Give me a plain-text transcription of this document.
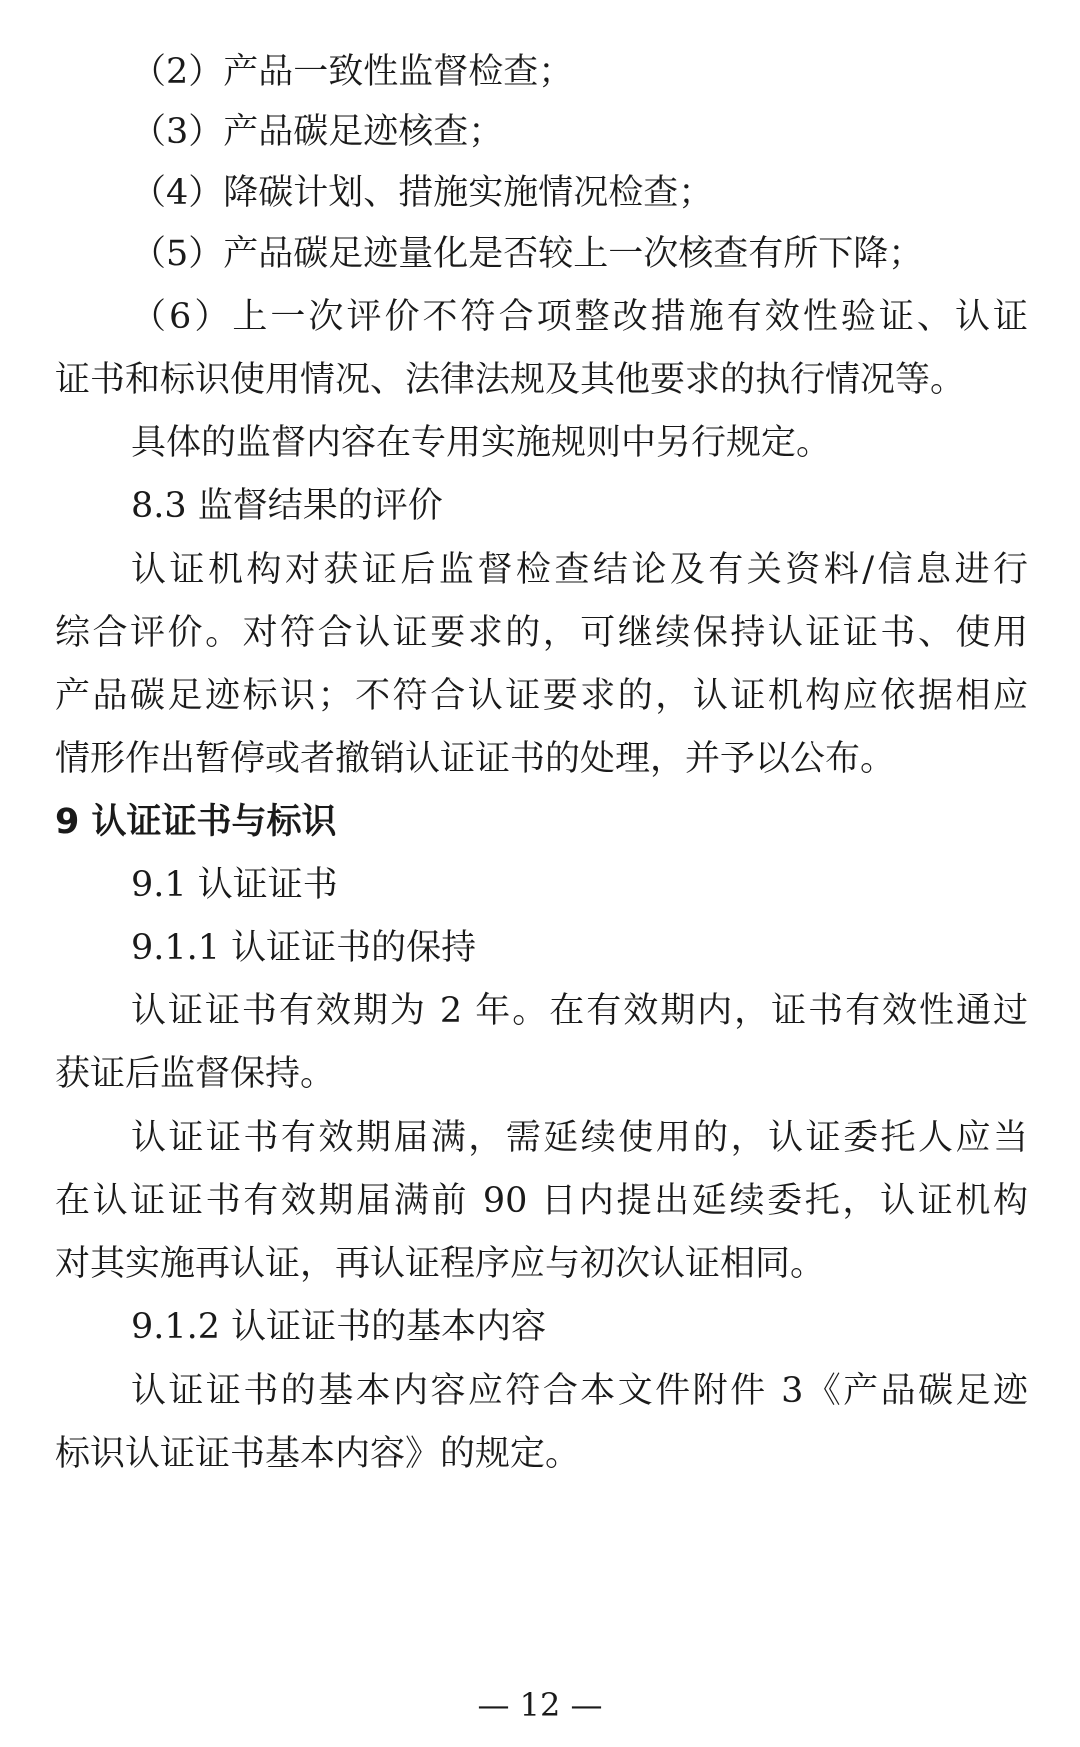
（2）产品一致性监督检查；
（3）产品碳足迹核查；
（4）降碳计划、措施实施情况检查；
（5）产品碳足迹量化是否较上一次核查有所下降；
（6）上一次评价不符合项整改措施有效性验证、认证
证书和标识使用情况、法律法规及其他要求的执行情况等。
具体的监督内容在专用实施规则中另行规定。
8.3 监督结果的评价
认证机构对获证后监督检查结论及有关资料/信息进行
综合评价。对符合认证要求的，可继续保持认证证书、使用
产品碳足迹标识；不符合认证要求的，认证机构应依据相应
情形作出暂停或者撤销认证证书的处理，并予以公布。
9 认证证书与标识
9.1 认证证书
9.1.1 认证证书的保持
认证证书有效期为 2 年。在有效期内，证书有效性通过
获证后监督保持。
认证证书有效期届满，需延续使用的，认证委托人应当
在认证证书有效期届满前 90 日内提出延续委托，认证机构
对其实施再认证，再认证程序应与初次认证相同。
9.1.2 认证证书的基本内容
认证证书的基本内容应符合本文件附件 3《产品碳足迹
标识认证证书基本内容》的规定。
— 12 —
